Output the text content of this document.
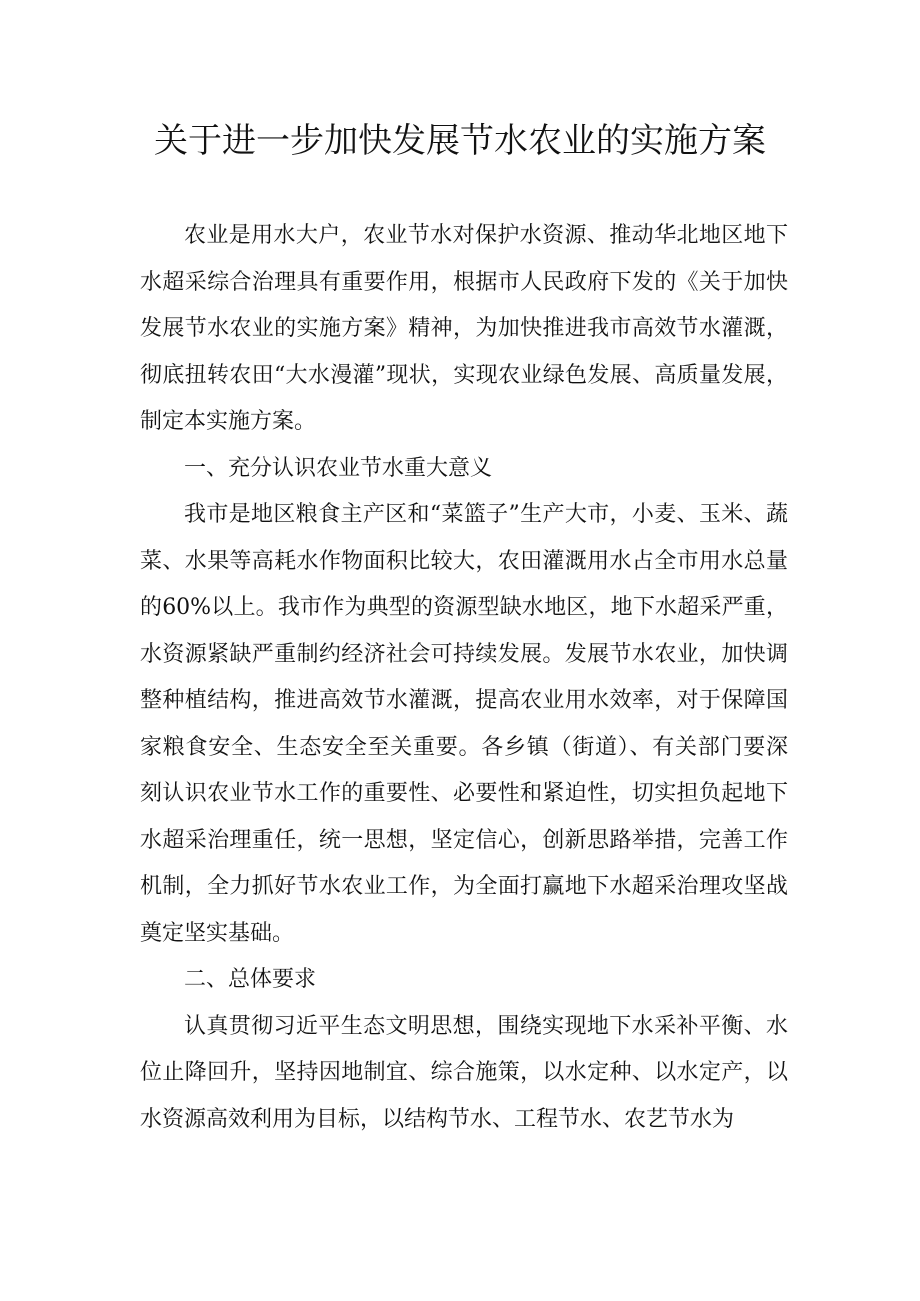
关于进一步加快发展节水农业的实施方案

农业是用水大户，农业节水对保护水资源、推动华北地区地下水超采综合治理具有重要作用，根据市人民政府下发的《关于加快发展节水农业的实施方案》精神，为加快推进我市高效节水灌溉，彻底扭转农田“大水漫灌”现状，实现农业绿色发展、高质量发展，制定本实施方案。

一、充分认识农业节水重大意义

我市是地区粮食主产区和“菜篮子”生产大市，小麦、玉米、蔬菜、水果等高耗水作物面积比较大，农田灌溉用水占全市用水总量的60%以上。我市作为典型的资源型缺水地区，地下水超采严重，水资源紧缺严重制约经济社会可持续发展。发展节水农业，加快调整种植结构，推进高效节水灌溉，提高农业用水效率，对于保障国家粮食安全、生态安全至关重要。各乡镇（街道）、有关部门要深刻认识农业节水工作的重要性、必要性和紧迫性，切实担负起地下水超采治理重任，统一思想，坚定信心，创新思路举措，完善工作机制，全力抓好节水农业工作，为全面打赢地下水超采治理攻坚战奠定坚实基础。

二、总体要求

认真贯彻习近平生态文明思想，围绕实现地下水采补平衡、水位止降回升，坚持因地制宜、综合施策，以水定种、以水定产，以水资源高效利用为目标，以结构节水、工程节水、农艺节水为
